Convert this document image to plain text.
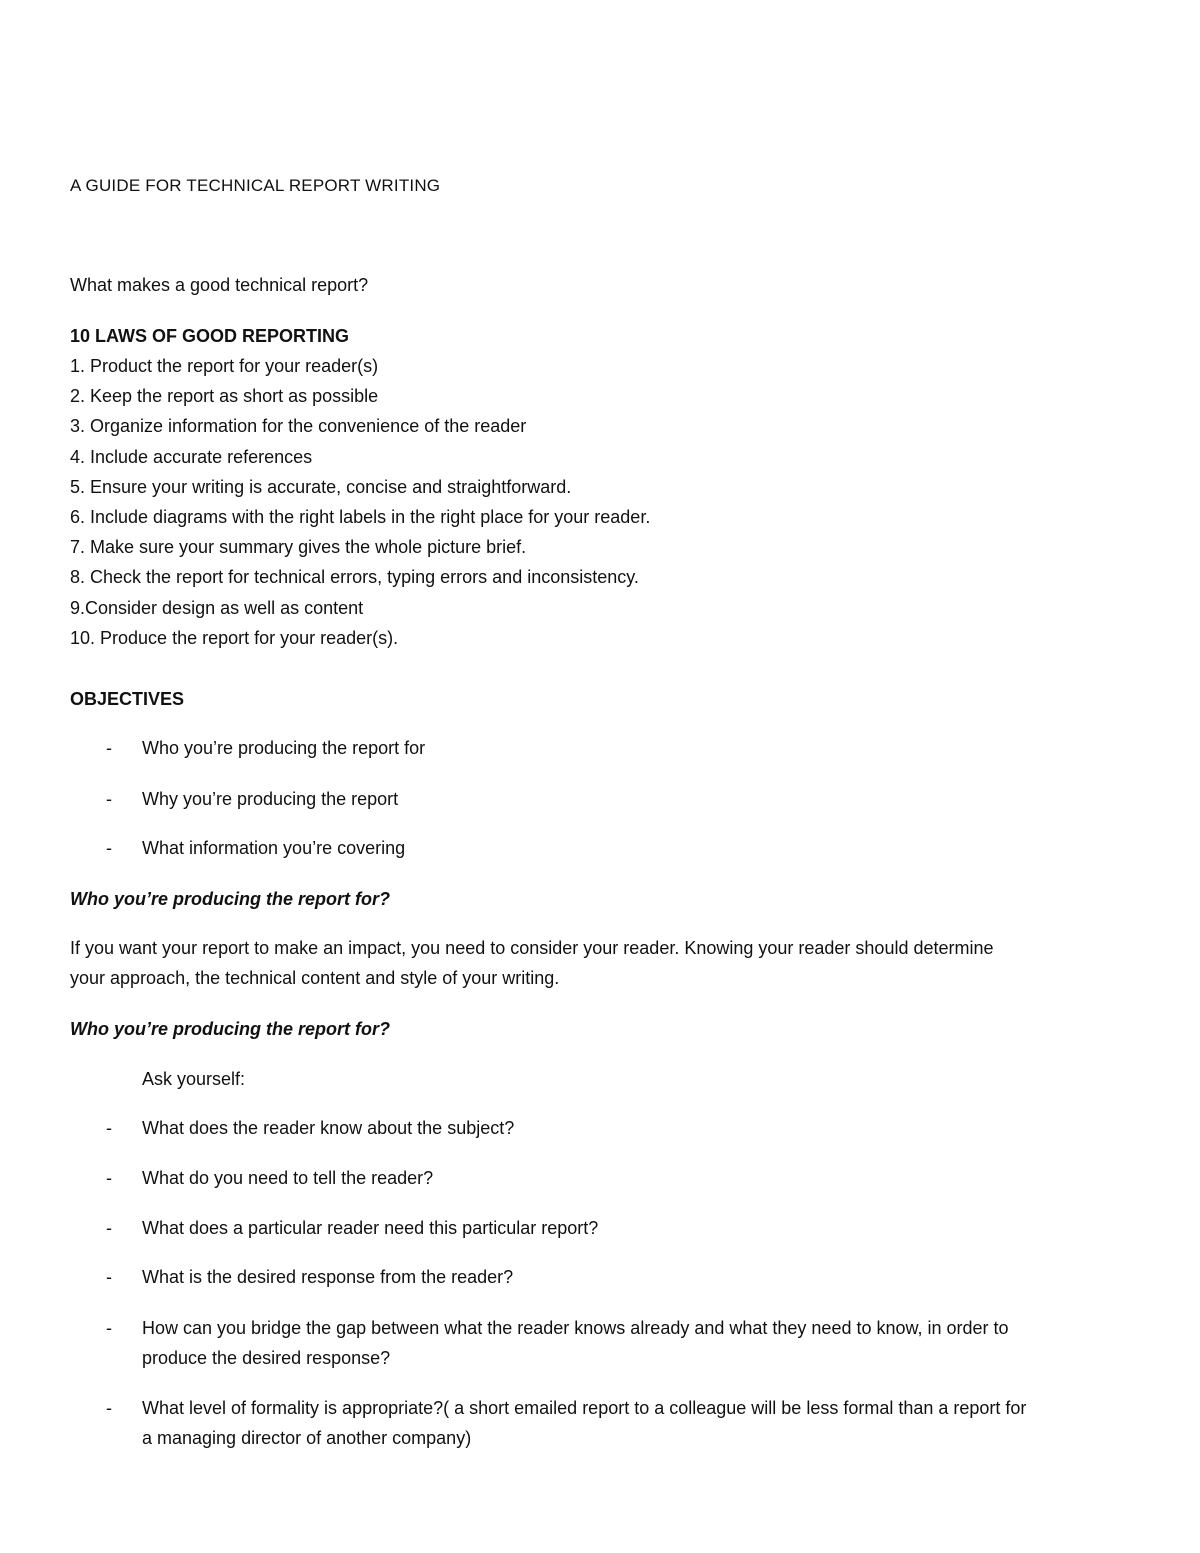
A GUIDE FOR TECHNICAL REPORT WRITING
What makes a good technical report?
10 LAWS OF GOOD REPORTING
1. Product the report for your reader(s)
2. Keep the report as short as possible
3. Organize information for the convenience of the reader
4. Include accurate references
5. Ensure your writing is accurate, concise and straightforward.
6. Include diagrams with the right labels in the right place for your reader.
7. Make sure your summary gives the whole picture brief.
8. Check the report for technical errors, typing errors and inconsistency.
9.Consider design as well as content
10. Produce the report for your reader(s).
OBJECTIVES
- Who you’re producing the report for
- Why you’re producing the report
- What information you’re covering
Who you’re producing the report for?
If you want your report to make an impact, you need to consider your reader. Knowing your reader should determine
your approach, the technical content and style of your writing.
Who you’re producing the report for?
Ask yourself:
- What does the reader know about the subject?
- What do you need to tell the reader?
- What does a particular reader need this particular report?
- What is the desired response from the reader?
- How can you bridge the gap between what the reader knows already and what they need to know, in order to
produce the desired response?
- What level of formality is appropriate?( a short emailed report to a colleague will be less formal than a report for
a managing director of another company)
